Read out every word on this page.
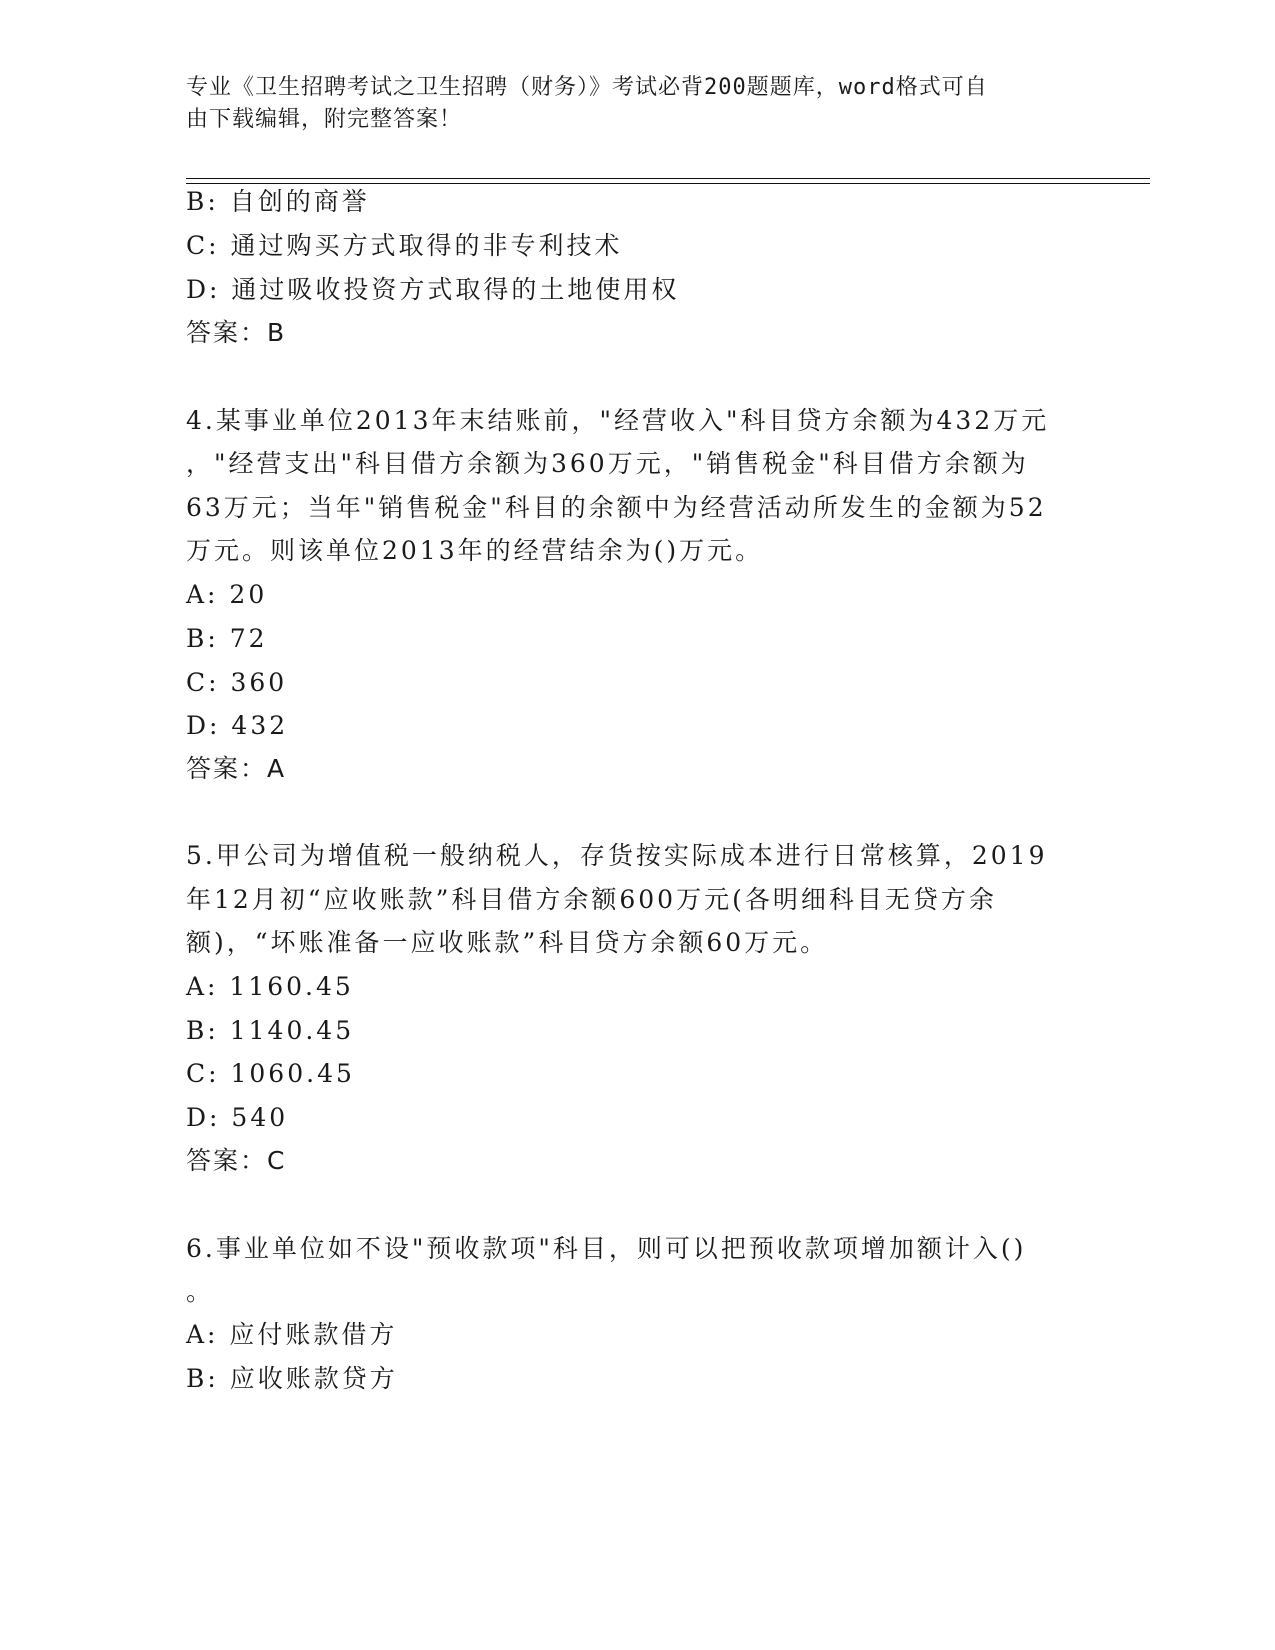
专业《卫生招聘考试之卫生招聘（财务）》考试必背200题题库，word格式可自
由下载编辑，附完整答案！
B: 自创的商誉
C: 通过购买方式取得的非专利技术
D: 通过吸收投资方式取得的土地使用权
答案：B
4.某事业单位2013年末结账前，"经营收入"科目贷方余额为432万元
，"经营支出"科目借方余额为360万元，"销售税金"科目借方余额为
63万元；当年"销售税金"科目的余额中为经营活动所发生的金额为52
万元。则该单位2013年的经营结余为()万元。
A: 20
B: 72
C: 360
D: 432
答案：A
5.甲公司为增值税一般纳税人，存货按实际成本进行日常核算，2019
年12月初“应收账款”科目借方余额600万元(各明细科目无贷方余
额)，“坏账准备一应收账款”科目贷方余额60万元。
A: 1160.45
B: 1140.45
C: 1060.45
D: 540
答案：C
6.事业单位如不设"预收款项"科目，则可以把预收款项增加额计入()
。
A: 应付账款借方
B: 应收账款贷方
